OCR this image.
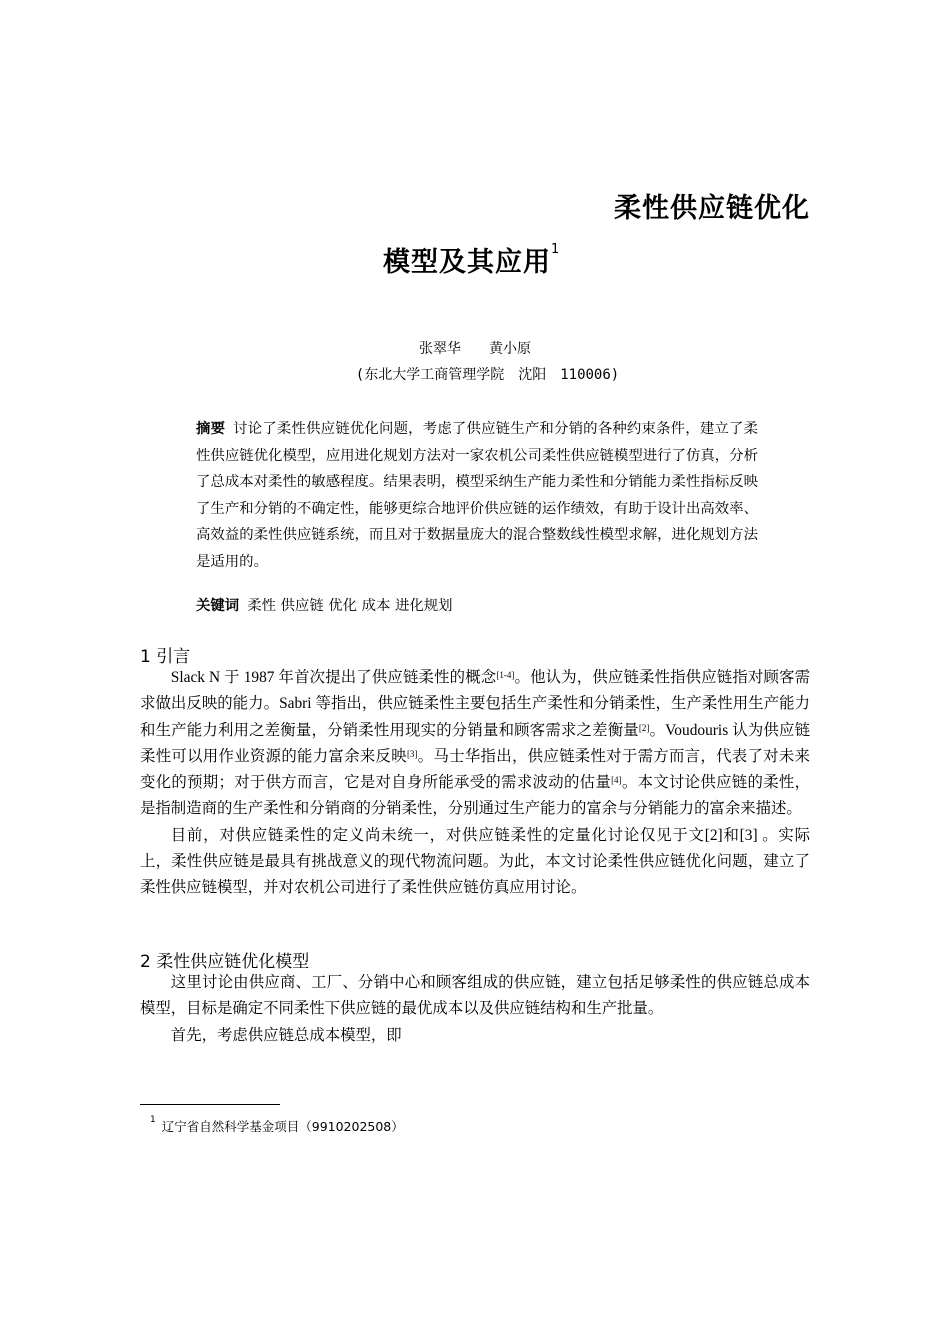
柔性供应链优化
模型及其应用$^1$
张翠华 黄小原
(东北大学工商管理学院　沈阳　110006)
摘要 讨论了柔性供应链优化问题，考虑了供应链生产和分销的各种约束条件，建立了柔性供应链优化模型，应用进化规划方法对一家农机公司柔性供应链模型进行了仿真，分析了总成本对柔性的敏感程度。结果表明，模型采纳生产能力柔性和分销能力柔性指标反映了生产和分销的不确定性，能够更综合地评价供应链的运作绩效，有助于设计出高效率、高效益的柔性供应链系统，而且对于数据量庞大的混合整数线性模型求解，进化规划方法是适用的。
关键词 柔性 供应链 优化 成本 进化规划
1 引言

Slack N 于 1987 年首次提出了供应链柔性的概念[1-4]。他认为，供应链柔性指供应链指对顾客需求做出反映的能力。Sabri 等指出，供应链柔性主要包括生产柔性和分销柔性，生产柔性用生产能力和生产能力利用之差衡量，分销柔性用现实的分销量和顾客需求之差衡量[2]。Voudouris 认为供应链柔性可以用作业资源的能力富余来反映[3]。马士华指出，供应链柔性对于需方而言，代表了对未来变化的预期；对于供方而言，它是对自身所能承受的需求波动的估量[4]。本文讨论供应链的柔性，是指制造商的生产柔性和分销商的分销柔性，分别通过生产能力的富余与分销能力的富余来描述。

目前，对供应链柔性的定义尚未统一，对供应链柔性的定量化讨论仅见于文[2]和[3] 。实际上，柔性供应链是最具有挑战意义的现代物流问题。为此，本文讨论柔性供应链优化问题，建立了柔性供应链模型，并对农机公司进行了柔性供应链仿真应用讨论。

2 柔性供应链优化模型

这里讨论由供应商、工厂、分销中心和顾客组成的供应链，建立包括足够柔性的供应链总成本模型，目标是确定不同柔性下供应链的最优成本以及供应链结构和生产批量。

首先，考虑供应链总成本模型，即

$^1$ 辽宁省自然科学基金项目（9910202508）
